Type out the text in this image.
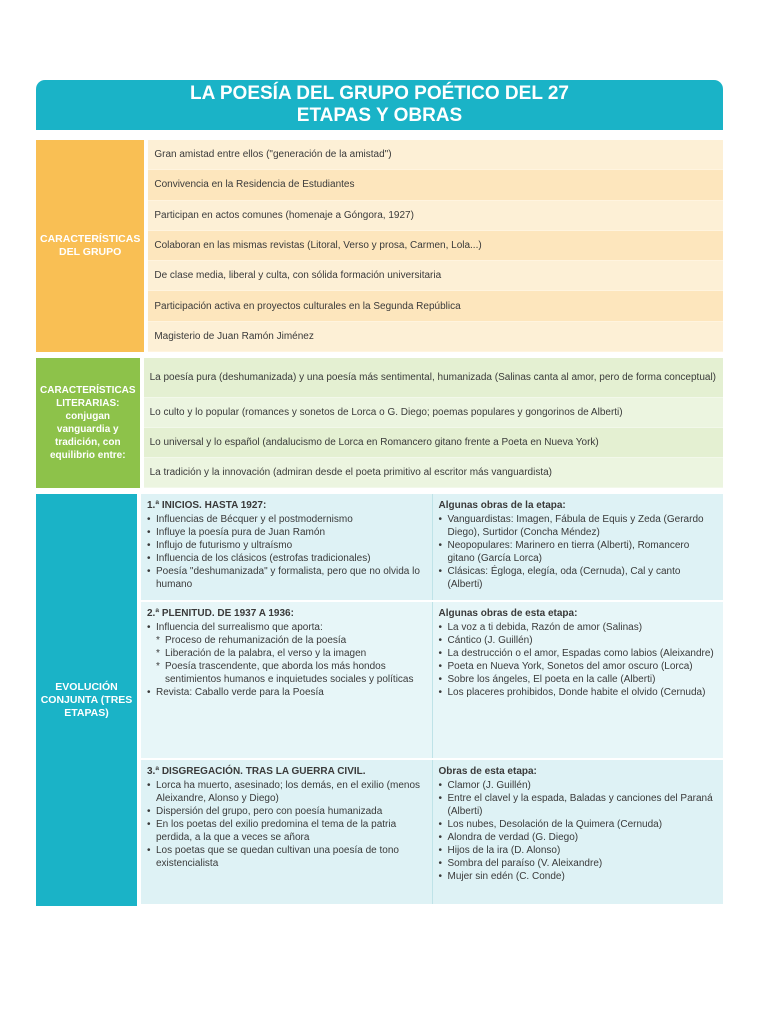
LA POESÍA DEL GRUPO POÉTICO DEL 27
ETAPAS Y OBRAS
CARACTERÍSTICAS DEL GRUPO
Gran amistad entre ellos ("generación de la amistad")
Convivencia en la Residencia de Estudiantes
Participan en actos comunes (homenaje a Góngora, 1927)
Colaboran en las mismas revistas (Litoral, Verso y prosa, Carmen, Lola...)
De clase media, liberal y culta, con sólida formación universitaria
Participación activa en proyectos culturales en la Segunda República
Magisterio de Juan Ramón Jiménez
CARACTERÍSTICAS LITERARIAS: conjugan vanguardia y tradición, con equilibrio entre:
La poesía pura (deshumanizada) y una poesía más sentimental, humanizada (Salinas canta al amor, pero de forma conceptual)
Lo culto y lo popular (romances y sonetos de Lorca o G. Diego; poemas populares y gongorinos de Alberti)
Lo universal y lo español (andalucismo de Lorca en Romancero gitano frente a Poeta en Nueva York)
La tradición y la innovación (admiran desde el poeta primitivo al escritor más vanguardista)
EVOLUCIÓN CONJUNTA (TRES ETAPAS)
1.ª INICIOS. HASTA 1927:
• Influencias de Bécquer y el postmodernismo
• Influye la poesía pura de Juan Ramón
• Influjo de futurismo y ultraísmo
• Influencia de los clásicos (estrofas tradicionales)
• Poesía "deshumanizada" y formalista, pero que no olvida lo humano
Algunas obras de la etapa:
• Vanguardistas: Imagen, Fábula de Equis y Zeda (Gerardo Diego), Surtidor (Concha Méndez)
• Neopopulares: Marinero en tierra (Alberti), Romancero gitano (García Lorca)
• Clásicas: Égloga, elegía, oda (Cernuda), Cal y canto (Alberti)
2.ª PLENITUD. DE 1937 A 1936:
• Influencia del surrealismo que aporta:
* Proceso de rehumanización de la poesía
* Liberación de la palabra, el verso y la imagen
* Poesía trascendente, que aborda los más hondos sentimientos humanos e inquietudes sociales y políticas
• Revista: Caballo verde para la Poesía
Algunas obras de esta etapa:
• La voz a ti debida, Razón de amor (Salinas)
• Cántico (J. Guillén)
• La destrucción o el amor, Espadas como labios (Aleixandre)
• Poeta en Nueva York, Sonetos del amor oscuro (Lorca)
• Sobre los ángeles, El poeta en la calle (Alberti)
• Los placeres prohibidos, Donde habite el olvido (Cernuda)
3.ª DISGREGACIÓN. TRAS LA GUERRA CIVIL.
• Lorca ha muerto, asesinado; los demás, en el exilio (menos Aleixandre, Alonso y Diego)
• Dispersión del grupo, pero con poesía humanizada
• En los poetas del exilio predomina el tema de la patria perdida, a la que a veces se añora
• Los poetas que se quedan cultivan una poesía de tono existencialista
Obras de esta etapa:
• Clamor (J. Guillén)
• Entre el clavel y la espada, Baladas y canciones del Paraná (Alberti)
• Los nubes, Desolación de la Quimera (Cernuda)
• Alondra de verdad (G. Diego)
• Hijos de la ira (D. Alonso)
• Sombra del paraíso (V. Aleixandre)
• Mujer sin edén (C. Conde)
